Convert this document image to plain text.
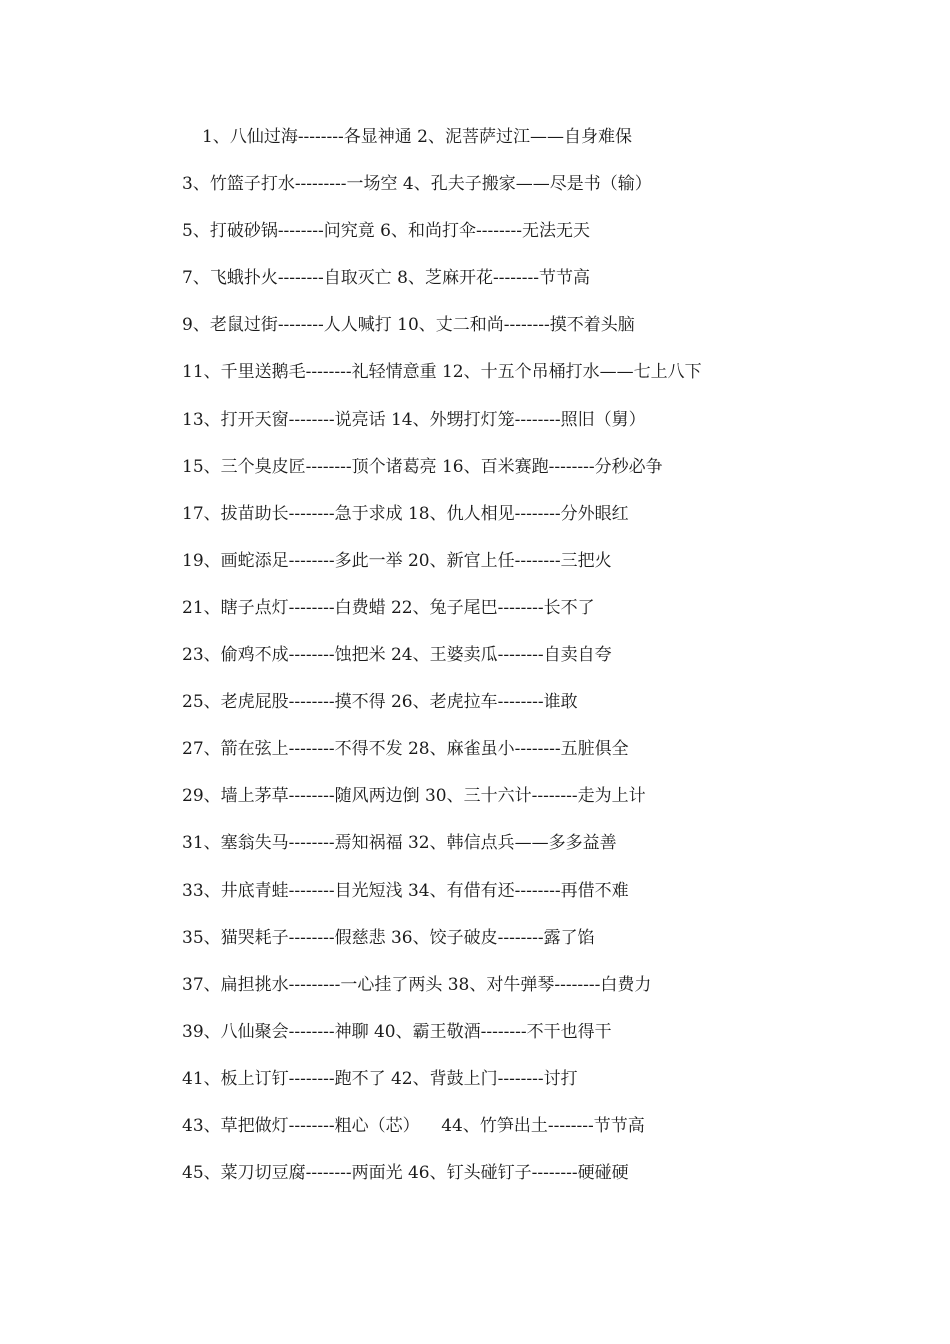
1、八仙过海--------各显神通 2、泥菩萨过江——自身难保
3、竹篮子打水---------一场空 4、孔夫子搬家——尽是书（输）
5、打破砂锅--------问究竟 6、和尚打伞--------无法无天
7、飞蛾扑火--------自取灭亡 8、芝麻开花--------节节高
9、老鼠过街--------人人喊打 10、丈二和尚--------摸不着头脑
11、千里送鹅毛--------礼轻情意重 12、十五个吊桶打水——七上八下
13、打开天窗--------说亮话 14、外甥打灯笼--------照旧（舅）
15、三个臭皮匠--------顶个诸葛亮 16、百米赛跑--------分秒必争
17、拔苗助长--------急于求成 18、仇人相见--------分外眼红
19、画蛇添足--------多此一举 20、新官上任--------三把火
21、瞎子点灯--------白费蜡 22、兔子尾巴--------长不了
23、偷鸡不成--------蚀把米 24、王婆卖瓜--------自卖自夸
25、老虎屁股--------摸不得 26、老虎拉车--------谁敢
27、箭在弦上--------不得不发 28、麻雀虽小--------五脏俱全
29、墙上茅草--------随风两边倒 30、三十六计--------走为上计
31、塞翁失马--------焉知祸福 32、韩信点兵——多多益善
33、井底青蛙--------目光短浅 34、有借有还--------再借不难
35、猫哭耗子--------假慈悲 36、饺子破皮--------露了馅
37、扁担挑水---------一心挂了两头 38、对牛弹琴--------白费力
39、八仙聚会--------神聊 40、霸王敬酒--------不干也得干
41、板上订钉--------跑不了 42、背鼓上门--------讨打
43、草把做灯--------粗心（芯）    44、竹笋出土--------节节高
45、菜刀切豆腐--------两面光 46、钉头碰钉子--------硬碰硬
